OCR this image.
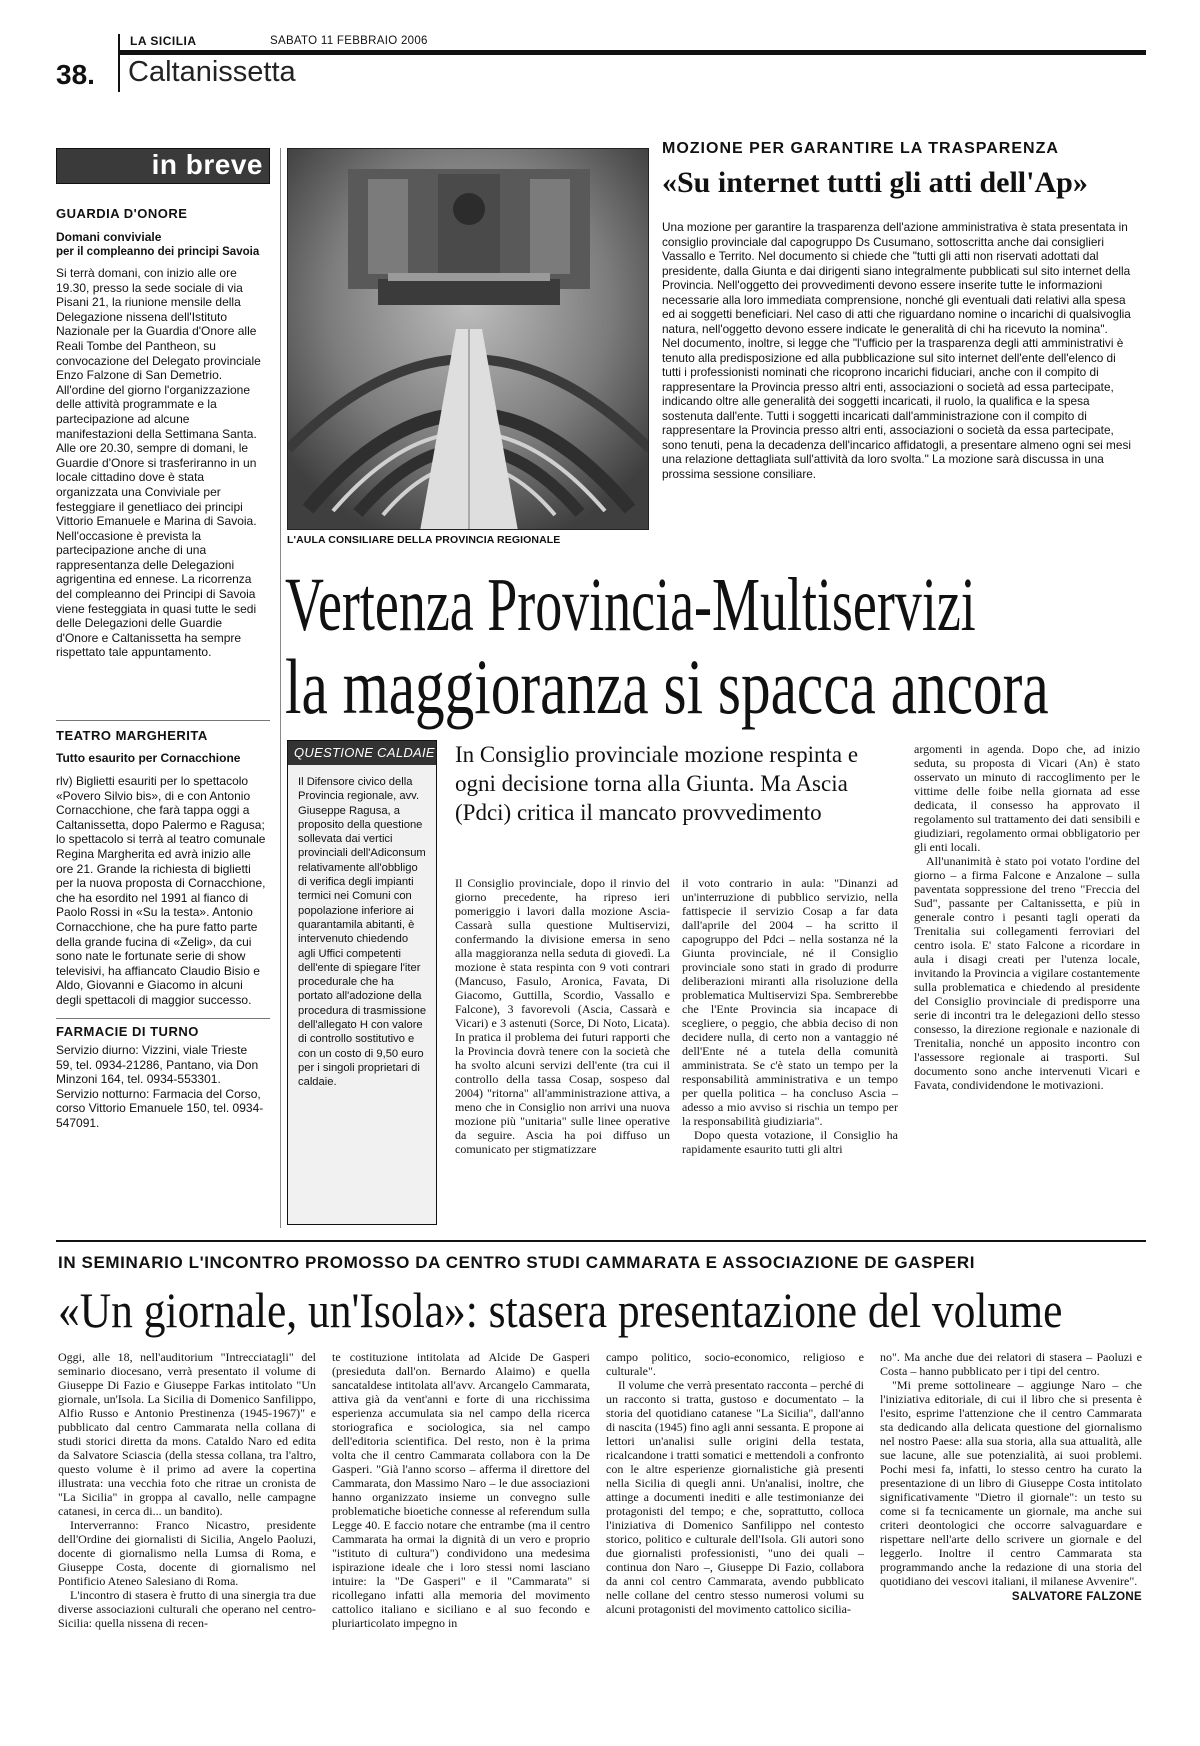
LA SICILIA	SABATO 11 FEBBRAIO 2006
38. Caltanissetta
in breve
GUARDIA D'ONORE
Domani conviviale
per il compleanno dei principi Savoia
Si terrà domani, con inizio alle ore 19.30, presso la sede sociale di via Pisani 21, la riunione mensile della Delegazione nissena dell'Istituto Nazionale per la Guardia d'Onore alle Reali Tombe del Pantheon, su convocazione del Delegato provinciale Enzo Falzone di San Demetrio. All'ordine del giorno l'organizzazione delle attività programmate e la partecipazione ad alcune manifestazioni della Settimana Santa. Alle ore 20.30, sempre di domani, le Guardie d'Onore si trasferiranno in un locale cittadino dove è stata organizzata una Conviviale per festeggiare il genetliaco dei principi Vittorio Emanuele e Marina di Savoia. Nell'occasione è prevista la partecipazione anche di una rappresentanza delle Delegazioni agrigentina ed ennese. La ricorrenza del compleanno dei Principi di Savoia viene festeggiata in quasi tutte le sedi delle Delegazioni delle Guardie d'Onore e Caltanissetta ha sempre rispettato tale appuntamento.
TEATRO MARGHERITA
Tutto esaurito per Cornacchione
rlv) Biglietti esauriti per lo spettacolo «Povero Silvio bis», di e con Antonio Cornacchione, che farà tappa oggi a Caltanissetta, dopo Palermo e Ragusa; lo spettacolo si terrà al teatro comunale Regina Margherita ed avrà inizio alle ore 21. Grande la richiesta di biglietti per la nuova proposta di Cornacchione, che ha esordito nel 1991 al fianco di Paolo Rossi in «Su la testa». Antonio Cornacchione, che ha pure fatto parte della grande fucina di «Zelig», da cui sono nate le fortunate serie di show televisivi, ha affiancato Claudio Bisio e Aldo, Giovanni e Giacomo in alcuni degli spettacoli di maggior successo.
FARMACIE DI TURNO
Servizio diurno: Vizzini, viale Trieste 59, tel. 0934-21286, Pantano, via Don Minzoni 164, tel. 0934-553301. Servizio notturno: Farmacia del Corso, corso Vittorio Emanuele 150, tel. 0934-547091.
L'AULA CONSILIARE DELLA PROVINCIA REGIONALE
MOZIONE PER GARANTIRE LA TRASPARENZA
«Su internet tutti gli atti dell'Ap»
Una mozione per garantire la trasparenza dell'azione amministrativa è stata presentata in consiglio provinciale dal capogruppo Ds Cusumano, sottoscritta anche dai consiglieri Vassallo e Territo. Nel documento si chiede che "tutti gli atti non riservati adottati dal presidente, dalla Giunta e dai dirigenti siano integralmente pubblicati sul sito internet della Provincia. Nell'oggetto dei provvedimenti devono essere inserite tutte le informazioni necessarie alla loro immediata comprensione, nonché gli eventuali dati relativi alla spesa ed ai soggetti beneficiari. Nel caso di atti che riguardano nomine o incarichi di qualsivoglia natura, nell'oggetto devono essere indicate le generalità di chi ha ricevuto la nomina".
Nel documento, inoltre, si legge che "l'ufficio per la trasparenza degli atti amministrativi è tenuto alla predisposizione ed alla pubblicazione sul sito internet dell'ente dell'elenco di tutti i professionisti nominati che ricoprono incarichi fiduciari, anche con il compito di rappresentare la Provincia presso altri enti, associazioni o società ad essa partecipate, indicando oltre alle generalità dei soggetti incaricati, il ruolo, la qualifica e la spesa sostenuta dall'ente. Tutti i soggetti incaricati dall'amministrazione con il compito di rappresentare la Provincia presso altri enti, associazioni o società da essa partecipate, sono tenuti, pena la decadenza dell'incarico affidatogli, a presentare almeno ogni sei mesi una relazione dettagliata sull'attività da loro svolta." La mozione sarà discussa in una prossima sessione consiliare.
Vertenza Provincia-Multiservizi
la maggioranza si spacca ancora
QUESTIONE CALDAIE
Il Difensore civico della Provincia regionale, avv. Giuseppe Ragusa, a proposito della questione sollevata dai vertici provinciali dell'Adiconsum relativamente all'obbligo di verifica degli impianti termici nei Comuni con popolazione inferiore ai quarantamila abitanti, è intervenuto chiedendo agli Uffici competenti dell'ente di spiegare l'iter procedurale che ha portato all'adozione della procedura di trasmissione dell'allegato H con valore di controllo sostitutivo e con un costo di 9,50 euro per i singoli proprietari di caldaie.
In Consiglio provinciale mozione respinta e ogni decisione torna alla Giunta. Ma Ascia (Pdci) critica il mancato provvedimento

Il Consiglio provinciale, dopo il rinvio del giorno precedente, ha ripreso ieri pomeriggio i lavori dalla mozione Ascia-Cassarà sulla questione Multiservizi, confermando la divisione emersa in seno alla maggioranza nella seduta di giovedì. La mozione è stata respinta con 9 voti contrari (Mancuso, Fasulo, Aronica, Favata, Di Giacomo, Guttilla, Scordio, Vassallo e Falcone), 3 favorevoli (Ascia, Cassarà e Vicari) e 3 astenuti (Sorce, Di Noto, Licata). In pratica il problema dei futuri rapporti che la Provincia dovrà tenere con la società che ha svolto alcuni servizi dell'ente (tra cui il controllo della tassa Cosap, sospeso dal 2004) "ritorna" all'amministrazione attiva, a meno che in Consiglio non arrivi una nuova mozione più "unitaria" sulle linee operative da seguire. Ascia ha poi diffuso un comunicato per stigmatizzare

il voto contrario in aula: "Dinanzi ad un'interruzione di pubblico servizio, nella fattispecie il servizio Cosap a far data dall'aprile del 2004 – ha scritto il capogruppo del Pdci – nella sostanza né la Giunta provinciale, né il Consiglio provinciale sono stati in grado di produrre deliberazioni miranti alla risoluzione della problematica Multiservizi Spa. Sembrerebbe che l'Ente Provincia sia incapace di scegliere, o peggio, che abbia deciso di non decidere nulla, di certo non a vantaggio né dell'Ente né a tutela della comunità amministrata. Se c'è stato un tempo per la responsabilità amministrativa e un tempo per quella politica – ha concluso Ascia – adesso a mio avviso si rischia un tempo per la responsabilità giudiziaria".

Dopo questa votazione, il Consiglio ha rapidamente esaurito tutti gli altri

argomenti in agenda. Dopo che, ad inizio seduta, su proposta di Vicari (An) è stato osservato un minuto di raccoglimento per le vittime delle foibe nella giornata ad esse dedicata, il consesso ha approvato il regolamento sul trattamento dei dati sensibili e giudiziari, regolamento ormai obbligatorio per gli enti locali.

All'unanimità è stato poi votato l'ordine del giorno – a firma Falcone e Anzalone – sulla paventata soppressione del treno "Freccia del Sud", passante per Caltanissetta, e più in generale contro i pesanti tagli operati da Trenitalia sui collegamenti ferroviari del centro isola. E' stato Falcone a ricordare in aula i disagi creati per l'utenza locale, invitando la Provincia a vigilare costantemente sulla problematica e chiedendo al presidente del Consiglio provinciale di predisporre una serie di incontri tra le delegazioni dello stesso consesso, la direzione regionale e nazionale di Trenitalia, nonché un apposito incontro con l'assessore regionale ai trasporti. Sul documento sono anche intervenuti Vicari e Favata, condividendone le motivazioni.

IN SEMINARIO L'INCONTRO PROMOSSO DA CENTRO STUDI CAMMARATA E ASSOCIAZIONE DE GASPERI
«Un giornale, un'Isola»: stasera presentazione del volume

Oggi, alle 18, nell'auditorium "Intrecciatagli" del seminario diocesano, verrà presentato il volume di Giuseppe Di Fazio e Giuseppe Farkas intitolato "Un giornale, un'Isola. La Sicilia di Domenico Sanfilippo, Alfio Russo e Antonio Prestinenza (1945-1967)" e pubblicato dal centro Cammarata nella collana di studi storici diretta da mons. Cataldo Naro ed edita da Salvatore Sciascia (della stessa collana, tra l'altro, questo volume è il primo ad avere la copertina illustrata: una vecchia foto che ritrae un cronista de "La Sicilia" in groppa al cavallo, nelle campagne catanesi, in cerca di... un bandito).

Interverranno: Franco Nicastro, presidente dell'Ordine dei giornalisti di Sicilia, Angelo Paoluzi, docente di giornalismo nella Lumsa di Roma, e Giuseppe Costa, docente di giornalismo nel Pontificio Ateneo Salesiano di Roma.

L'incontro di stasera è frutto di una sinergia tra due diverse associazioni culturali che operano nel centro-Sicilia: quella nissena di recen-

te costituzione intitolata ad Alcide De Gasperi (presieduta dall'on. Bernardo Alaimo) e quella sancataldese intitolata all'avv. Arcangelo Cammarata, attiva già da vent'anni e forte di una ricchissima esperienza accumulata sia nel campo della ricerca storiografica e sociologica, sia nel campo dell'editoria scientifica. Del resto, non è la prima volta che il centro Cammarata collabora con la De Gasperi. "Già l'anno scorso – afferma il direttore del Cammarata, don Massimo Naro – le due associazioni hanno organizzato insieme un convegno sulle problematiche bioetiche connesse al referendum sulla Legge 40. E faccio notare che entrambe (ma il centro Cammarata ha ormai la dignità di un vero e proprio "istituto di cultura") condividono una medesima ispirazione ideale che i loro stessi nomi lasciano intuire: la "De Gasperi" e il "Cammarata" si ricollegano infatti alla memoria del movimento cattolico italiano e siciliano e al suo fecondo e pluriarticolato impegno in

campo politico, socio-economico, religioso e culturale".

Il volume che verrà presentato racconta – perché di un racconto si tratta, gustoso e documentato – la storia del quotidiano catanese "La Sicilia", dall'anno di nascita (1945) fino agli anni sessanta. E propone ai lettori un'analisi sulle origini della testata, ricalcandone i tratti somatici e mettendoli a confronto con le altre esperienze giornalistiche già presenti nella Sicilia di quegli anni. Un'analisi, inoltre, che attinge a documenti inediti e alle testimonianze dei protagonisti del tempo; e che, soprattutto, colloca l'iniziativa di Domenico Sanfilippo nel contesto storico, politico e culturale dell'Isola. Gli autori sono due giornalisti professionisti, "uno dei quali – continua don Naro –, Giuseppe Di Fazio, collabora da anni col centro Cammarata, avendo pubblicato nelle collane del centro stesso numerosi volumi su alcuni protagonisti del movimento cattolico sicilia-

no". Ma anche due dei relatori di stasera – Paoluzi e Costa – hanno pubblicato per i tipi del centro.

"Mi preme sottolineare – aggiunge Naro – che l'iniziativa editoriale, di cui il libro che si presenta è l'esito, esprime l'attenzione che il centro Cammarata sta dedicando alla delicata questione del giornalismo nel nostro Paese: alla sua storia, alla sua attualità, alle sue lacune, alle sue potenzialità, ai suoi problemi. Pochi mesi fa, infatti, lo stesso centro ha curato la presentazione di un libro di Giuseppe Costa intitolato significativamente "Dietro il giornale": un testo su come si fa tecnicamente un giornale, ma anche sui criteri deontologici che occorre salvaguardare e rispettare nell'arte dello scrivere un giornale e del leggerlo. Inoltre il centro Cammarata sta programmando anche la redazione di una storia del quotidiano dei vescovi italiani, il milanese Avvenire".

SALVATORE FALZONE
